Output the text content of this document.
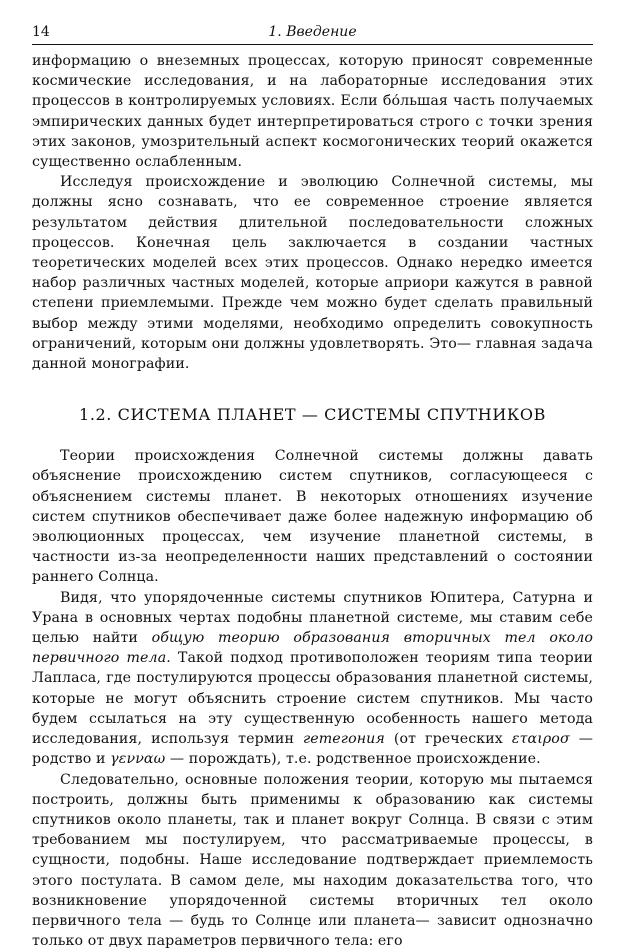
14	1. Введение

информацию о внеземных процессах, которую приносят современные космические исследования, и на лабораторные исследования этих процессов в контролируемых условиях. Если бо́льшая часть получаемых эмпирических данных будет интерпретироваться строго с точки зрения этих законов, умозрительный аспект космогонических теорий окажется существенно ослабленным.

Исследуя происхождение и эволюцию Солнечной системы, мы должны ясно сознавать, что ее современное строение является результатом действия длительной последовательности сложных процессов. Конечная цель заключается в создании частных теоретических моделей всех этих процессов. Однако нередко имеется набор различных частных моделей, которые априори кажутся в равной степени приемлемыми. Прежде чем можно будет сделать правильный выбор между этими моделями, необходимо определить совокупность ограничений, которым они должны удовлетворять. Это— главная задача данной монографии.

1.2. СИСТЕМА ПЛАНЕТ — СИСТЕМЫ СПУТНИКОВ

Теории происхождения Солнечной системы должны давать объяснение происхождению систем спутников, согласующееся с объяснением системы планет. В некоторых отношениях изучение систем спутников обеспечивает даже более надежную информацию об эволюционных процессах, чем изучение планетной системы, в частности из-за неопределенности наших представлений о состоянии раннего Солнца.

Видя, что упорядоченные системы спутников Юпитера, Сатурна и Урана в основных чертах подобны планетной системе, мы ставим себе целью найти общую теорию образования вторичных тел около первичного тела. Такой подход противоположен теориям типа теории Лапласа, где постулируются процессы образования планетной системы, которые не могут объяснить строение систем спутников. Мы часто будем ссылаться на эту существенную особенность нашего метода исследования, используя термин гетегония (от греческих εταιρоσ — родство и γενναω — порождать), т.е. родственное происхождение.

Следовательно, основные положения теории, которую мы пытаемся построить, должны быть применимы к образованию как системы спутников около планеты, так и планет вокруг Солнца. В связи с этим требованием мы постулируем, что рассматриваемые процессы, в сущности, подобны. Наше исследование подтверждает приемлемость этого постулата. В самом деле, мы находим доказательства того, что возникновение упорядоченной системы вторичных тел около первичного тела — будь то Солнце или планета— зависит однозначно только от двух параметров первичного тела: его
